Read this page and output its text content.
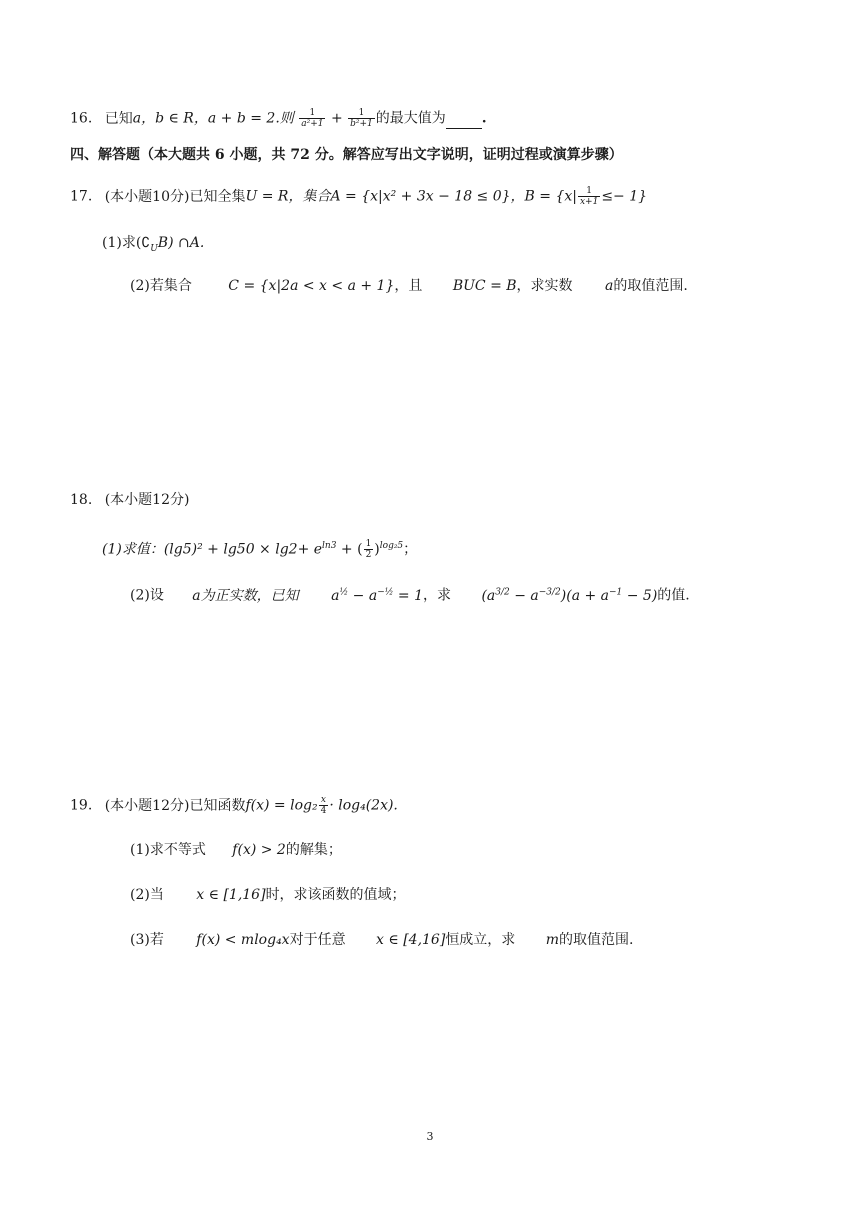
16. 已知a，b ∈ R，a + b = 2.则 $\frac{1}{\text{a²+1}} + \frac{1}{\text{b²+1}}$ 的最大值为	.
四、解答题（本大题共 6 小题，共 72 分。解答应写出文字说明，证明过程或演算步骤）
17. (本小题10分)已知全集U = R，集合A = {x|x² + 3x − 18 ≤ 0}，$B = \{x| \frac{1}{x+1} \le- 1\}$
(1)求$(∁_UB)$ ∩A.
(2)若集合	C = {x|2a < x < a + 1}，且 BUC = B，求实数 a的取值范围.
18. (本小题12分)
(1)求值：$(\lg 5)^2 + \lg 50 \times \lg 2+ e^{ln3}$ + ( $\frac{1}{2} )^{log_25}$；
(2)设 a为正实数，已知 $a^{\frac{1}{2}} - a^{-\frac{1}{2}} = 1$，求 $(a^{3/2} - a^{-3/2})(a + a^{-1} - 5)$的值.
19. (本小题12分)已知函数$f(x) = \log_2 \frac{x}{4} \cdot \log_4(2x)$.
(1)求不等式 f(x) > 2的解集；
(2)当 x ∈ [1,16]时，求该函数的值域；
(3)若 f(x) < mlog₄x对于任意 x ∈ [4,16]恒成立，求 m的取值范围.
3
